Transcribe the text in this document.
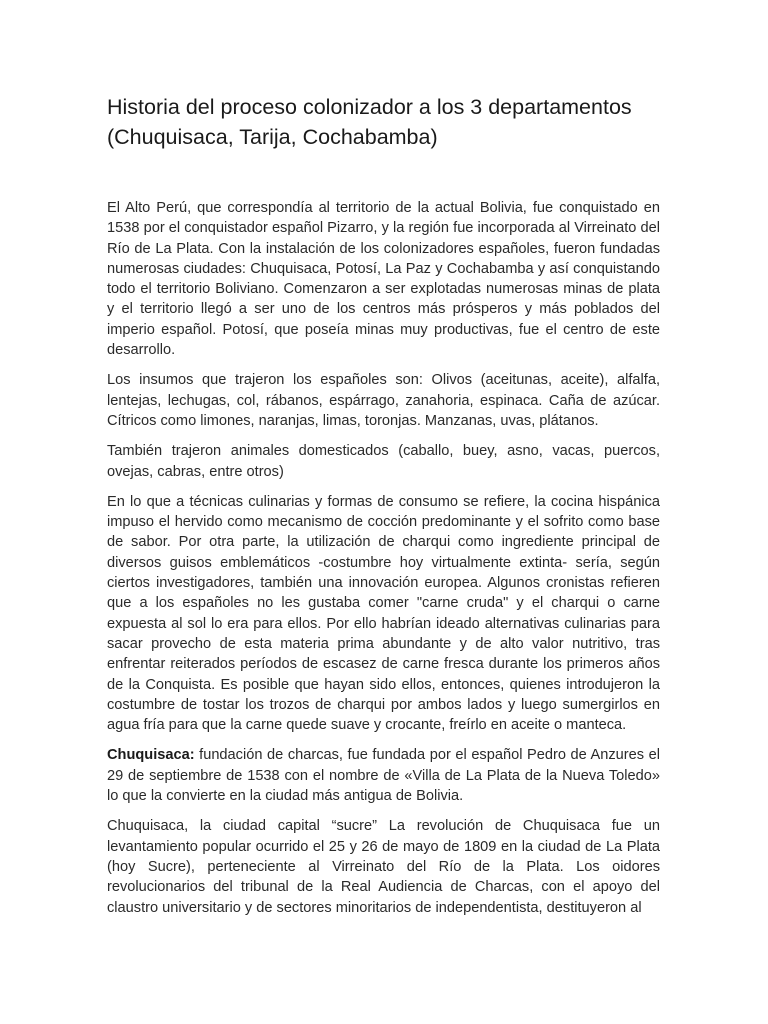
Historia del proceso colonizador a los 3 departamentos (Chuquisaca, Tarija, Cochabamba)

El Alto Perú, que correspondía al territorio de la actual Bolivia, fue conquistado en 1538 por el conquistador español Pizarro, y la región fue incorporada al Virreinato del Río de La Plata. Con la instalación de los colonizadores españoles, fueron fundadas numerosas ciudades: Chuquisaca, Potosí, La Paz y Cochabamba y así conquistando todo el territorio Boliviano. Comenzaron a ser explotadas numerosas minas de plata y el territorio llegó a ser uno de los centros más prósperos y más poblados del imperio español. Potosí, que poseía minas muy productivas, fue el centro de este desarrollo.

Los insumos que trajeron los españoles son: Olivos (aceitunas, aceite), alfalfa, lentejas, lechugas, col, rábanos, espárrago, zanahoria, espinaca. Caña de azúcar. Cítricos como limones, naranjas, limas, toronjas. Manzanas, uvas, plátanos.

También trajeron animales domesticados (caballo, buey, asno, vacas, puercos, ovejas, cabras, entre otros)

En lo que a técnicas culinarias y formas de consumo se refiere, la cocina hispánica impuso el hervido como mecanismo de cocción predominante y el sofrito como base de sabor. Por otra parte, la utilización de charqui como ingrediente principal de diversos guisos emblemáticos -costumbre hoy virtualmente extinta- sería, según ciertos investigadores, también una innovación europea. Algunos cronistas refieren que a los españoles no les gustaba comer "carne cruda" y el charqui o carne expuesta al sol lo era para ellos. Por ello habrían ideado alternativas culinarias para sacar provecho de esta materia prima abundante y de alto valor nutritivo, tras enfrentar reiterados períodos de escasez de carne fresca durante los primeros años de la Conquista. Es posible que hayan sido ellos, entonces, quienes introdujeron la costumbre de tostar los trozos de charqui por ambos lados y luego sumergirlos en agua fría para que la carne quede suave y crocante, freírlo en aceite o manteca.

Chuquisaca: fundación de charcas, fue fundada por el español Pedro de Anzures el 29 de septiembre de 1538 con el nombre de «Villa de La Plata de la Nueva Toledo» lo que la convierte en la ciudad más antigua de Bolivia.

Chuquisaca, la ciudad capital “sucre” La revolución de Chuquisaca fue un levantamiento popular ocurrido el 25 y 26 de mayo de 1809 en la ciudad de La Plata (hoy Sucre), perteneciente al Virreinato del Río de la Plata. Los oidores revolucionarios del tribunal de la Real Audiencia de Charcas, con el apoyo del claustro universitario y de sectores minoritarios de independentista, destituyeron al
